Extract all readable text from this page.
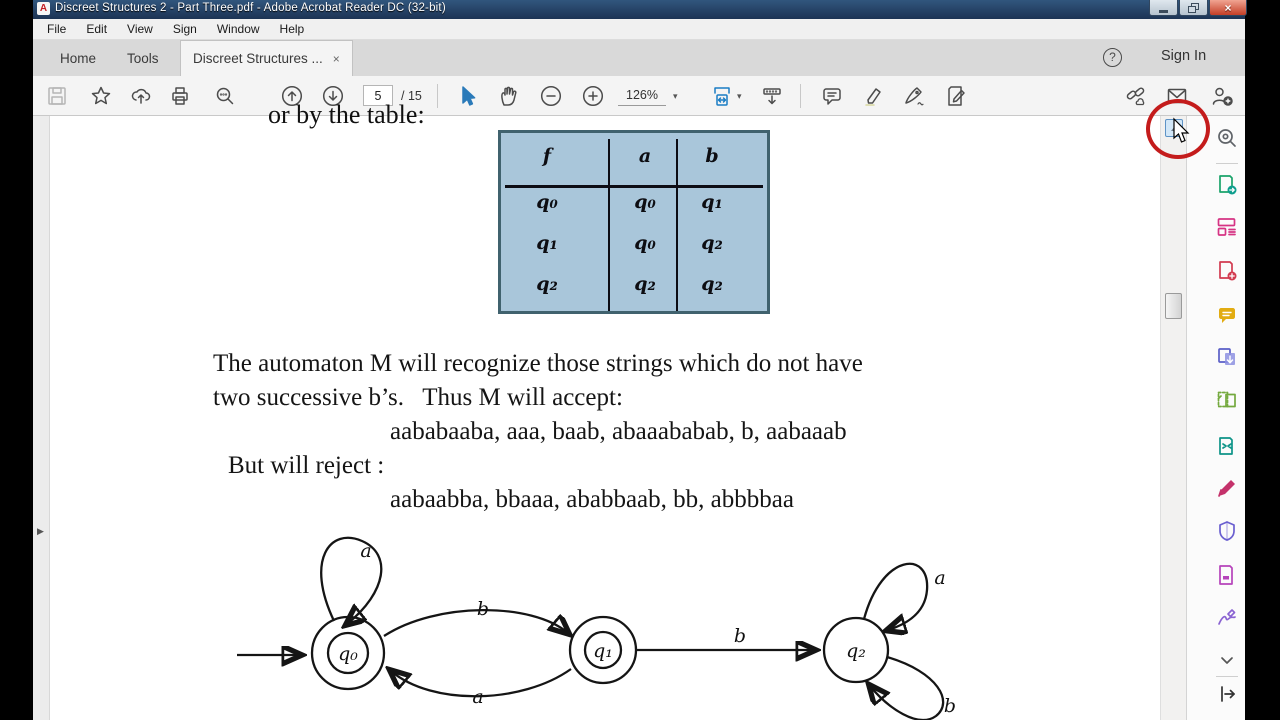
A Discreet Structures 2 - Part Three.pdf - Adobe Acrobat Reader DC (32-bit)	×
File	Edit	View	Sign	Window	Help
Home	Tools	Discreet Structures ... ×	?	Sign In
5
/ 15	126%	▾	▾
▶
or by the table:
f	a	b
q₀	q₀ q₁
q₁	q₀ q₂
q₂	q₂ q₂
The automaton M will recognize those strings which do not have
two successive b’s.   Thus M will accept:
aababaaba, aaa, baab, abaaababab, b, aabaaab
But will reject :
aabaabba, bbaaa, ababbaab, bb, abbbbaa
q₀
a
b
q₁
a
b
q₂
a
b
